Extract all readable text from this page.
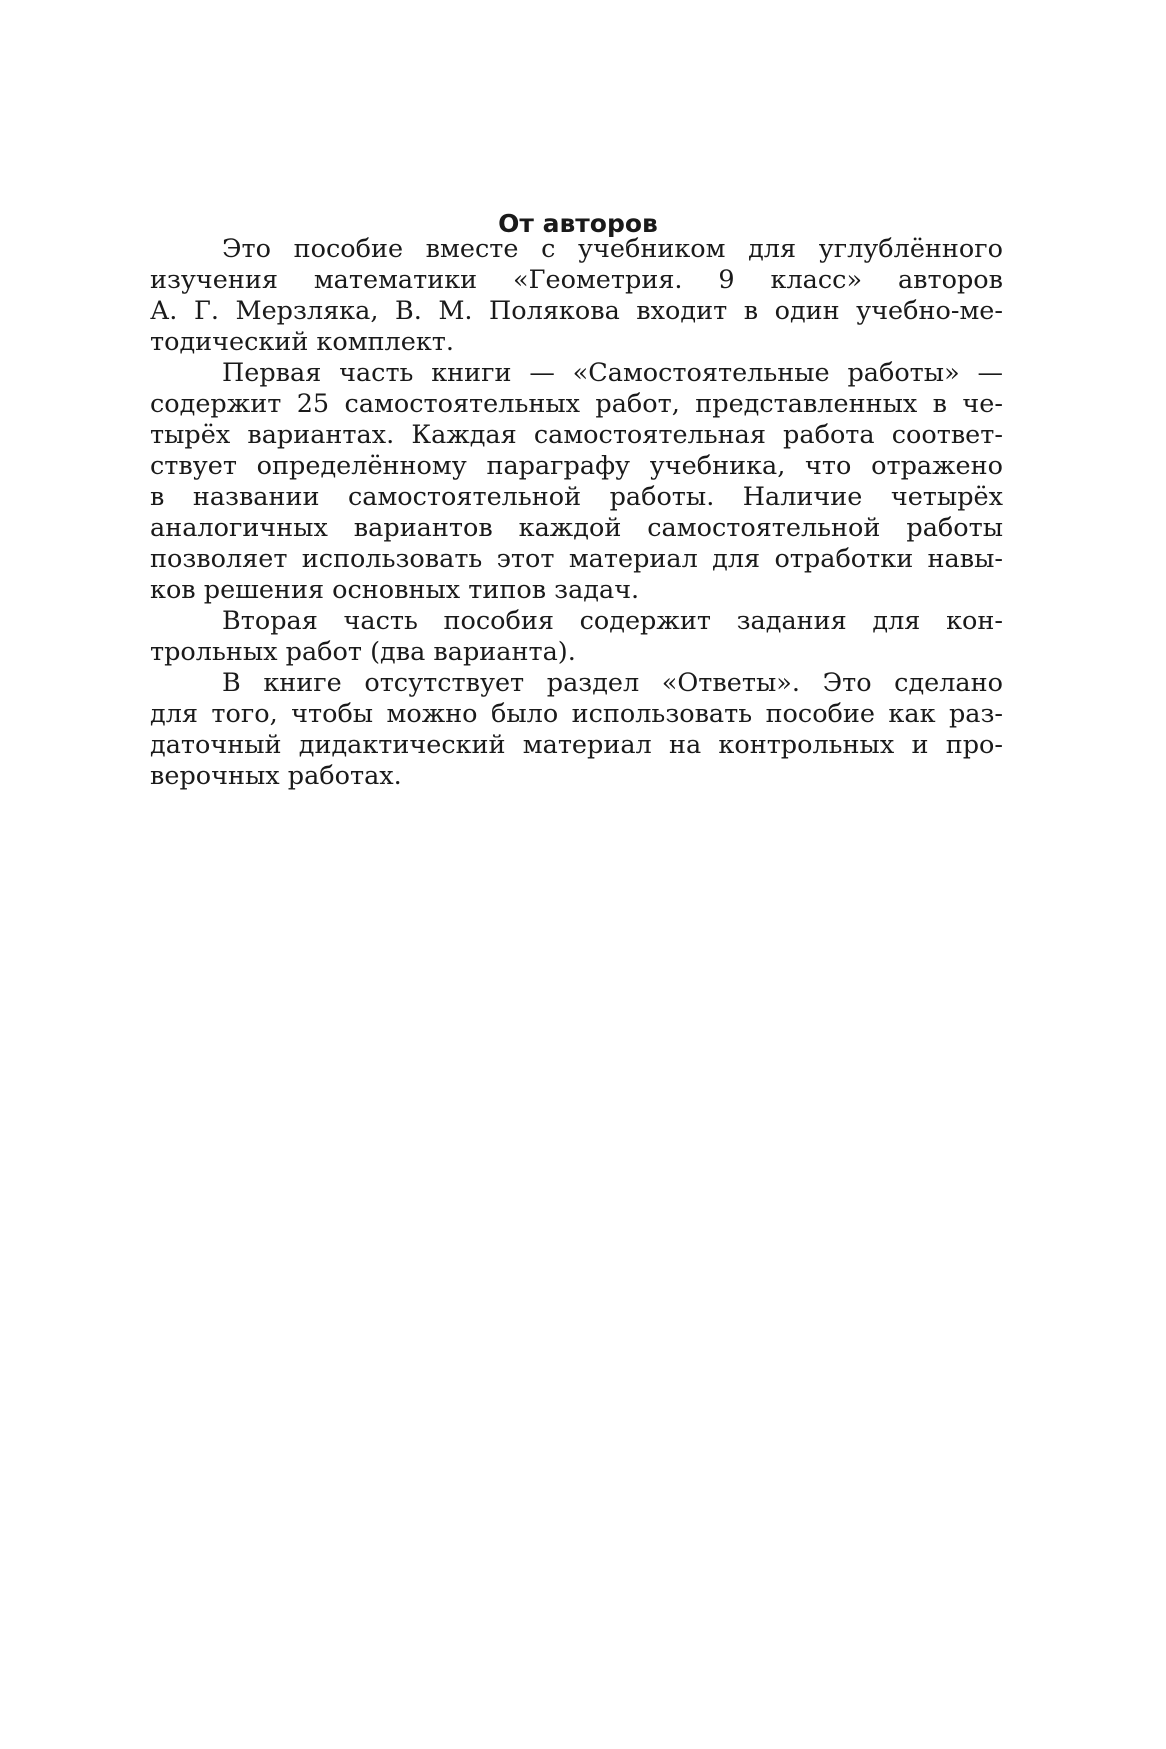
От авторов

Это пособие вместе с учебником для углублённого

изучения математики «Геометрия. 9 класс» авторов

А. Г. Мерзляка, В. М. Полякова входит в один учебно-ме-

тодический комплект.

Первая часть книги — «Самостоятельные работы» —

содержит 25 самостоятельных работ, представленных в че-

тырёх вариантах. Каждая самостоятельная работа соответ-

ствует определённому параграфу учебника, что отражено

в названии самостоятельной работы. Наличие четырёх

аналогичных вариантов каждой самостоятельной работы

позволяет использовать этот материал для отработки навы-

ков решения основных типов задач.

Вторая часть пособия содержит задания для кон-

трольных работ (два варианта).

В книге отсутствует раздел «Ответы». Это сделано

для того, чтобы можно было использовать пособие как раз-

даточный дидактический материал на контрольных и про-

верочных работах.
